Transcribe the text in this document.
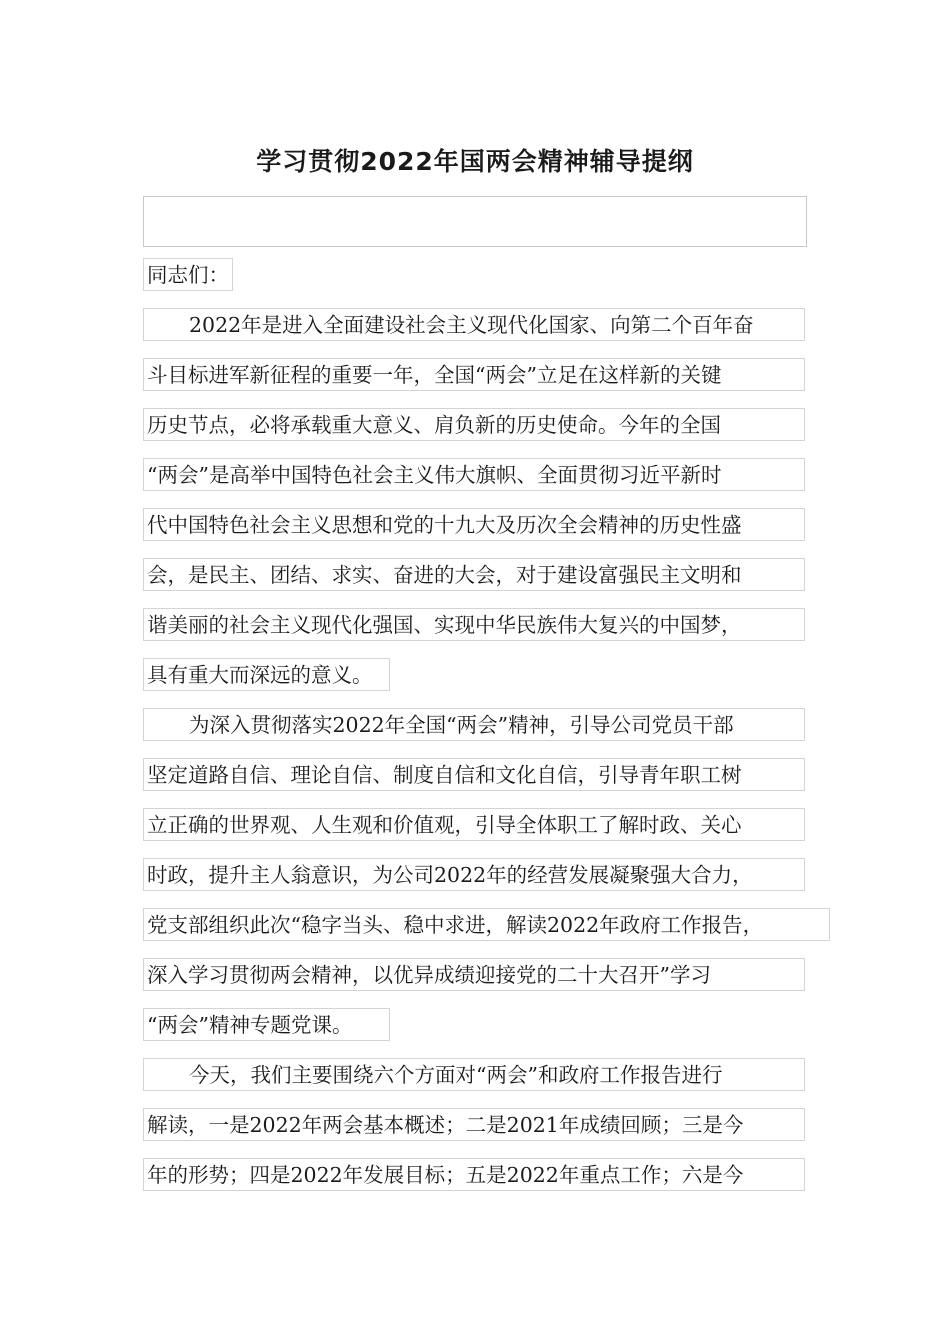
学习贯彻2022年国两会精神辅导提纲
同志们：
2022年是进入全面建设社会主义现代化国家、向第二个百年奋
斗目标进军新征程的重要一年，全国“两会”立足在这样新的关键
历史节点，必将承载重大意义、肩负新的历史使命。今年的全国
“两会”是高举中国特色社会主义伟大旗帜、全面贯彻习近平新时
代中国特色社会主义思想和党的十九大及历次全会精神的历史性盛
会，是民主、团结、求实、奋进的大会，对于建设富强民主文明和
谐美丽的社会主义现代化强国、实现中华民族伟大复兴的中国梦，
具有重大而深远的意义。
为深入贯彻落实2022年全国“两会”精神，引导公司党员干部
坚定道路自信、理论自信、制度自信和文化自信，引导青年职工树
立正确的世界观、人生观和价值观，引导全体职工了解时政、关心
时政，提升主人翁意识，为公司2022年的经营发展凝聚强大合力，
党支部组织此次“稳字当头、稳中求进，解读2022年政府工作报告，
深入学习贯彻两会精神，以优异成绩迎接党的二十大召开”学习
“两会”精神专题党课。
今天，我们主要围绕六个方面对“两会”和政府工作报告进行
解读，一是2022年两会基本概述；二是2021年成绩回顾；三是今
年的形势；四是2022年发展目标；五是2022年重点工作；六是今
